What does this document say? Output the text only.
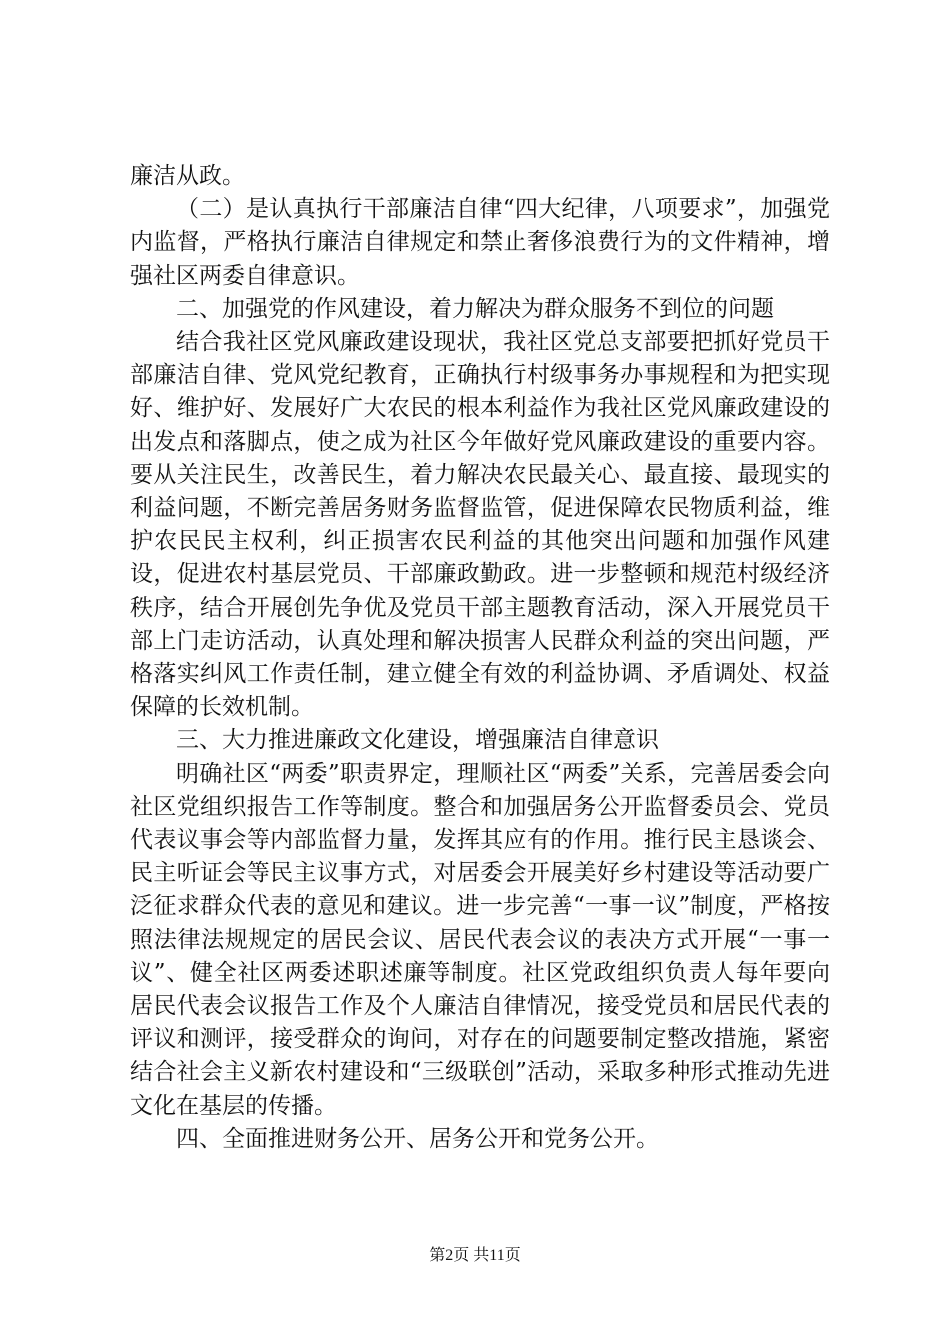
廉洁从政。

（二）是认真执行干部廉洁自律“四大纪律，八项要求”，加强党内监督，严格执行廉洁自律规定和禁止奢侈浪费行为的文件精神，增强社区两委自律意识。

二、加强党的作风建设，着力解决为群众服务不到位的问题

结合我社区党风廉政建设现状，我社区党总支部要把抓好党员干部廉洁自律、党风党纪教育，正确执行村级事务办事规程和为把实现好、维护好、发展好广大农民的根本利益作为我社区党风廉政建设的出发点和落脚点，使之成为社区今年做好党风廉政建设的重要内容。要从关注民生，改善民生，着力解决农民最关心、最直接、最现实的利益问题，不断完善居务财务监督监管，促进保障农民物质利益，维护农民民主权利，纠正损害农民利益的其他突出问题和加强作风建设，促进农村基层党员、干部廉政勤政。进一步整顿和规范村级经济秩序，结合开展创先争优及党员干部主题教育活动，深入开展党员干部上门走访活动，认真处理和解决损害人民群众利益的突出问题，严格落实纠风工作责任制，建立健全有效的利益协调、矛盾调处、权益保障的长效机制。

三、大力推进廉政文化建设，增强廉洁自律意识

明确社区“两委”职责界定，理顺社区“两委”关系，完善居委会向社区党组织报告工作等制度。整合和加强居务公开监督委员会、党员代表议事会等内部监督力量，发挥其应有的作用。推行民主恳谈会、民主听证会等民主议事方式，对居委会开展美好乡村建设等活动要广泛征求群众代表的意见和建议。进一步完善“一事一议”制度，严格按照法律法规规定的居民会议、居民代表会议的表决方式开展“一事一议”、健全社区两委述职述廉等制度。社区党政组织负责人每年要向居民代表会议报告工作及个人廉洁自律情况，接受党员和居民代表的评议和测评，接受群众的询问，对存在的问题要制定整改措施，紧密结合社会主义新农村建设和“三级联创”活动，采取多种形式推动先进文化在基层的传播。

四、全面推进财务公开、居务公开和党务公开。

第2页 共11页
